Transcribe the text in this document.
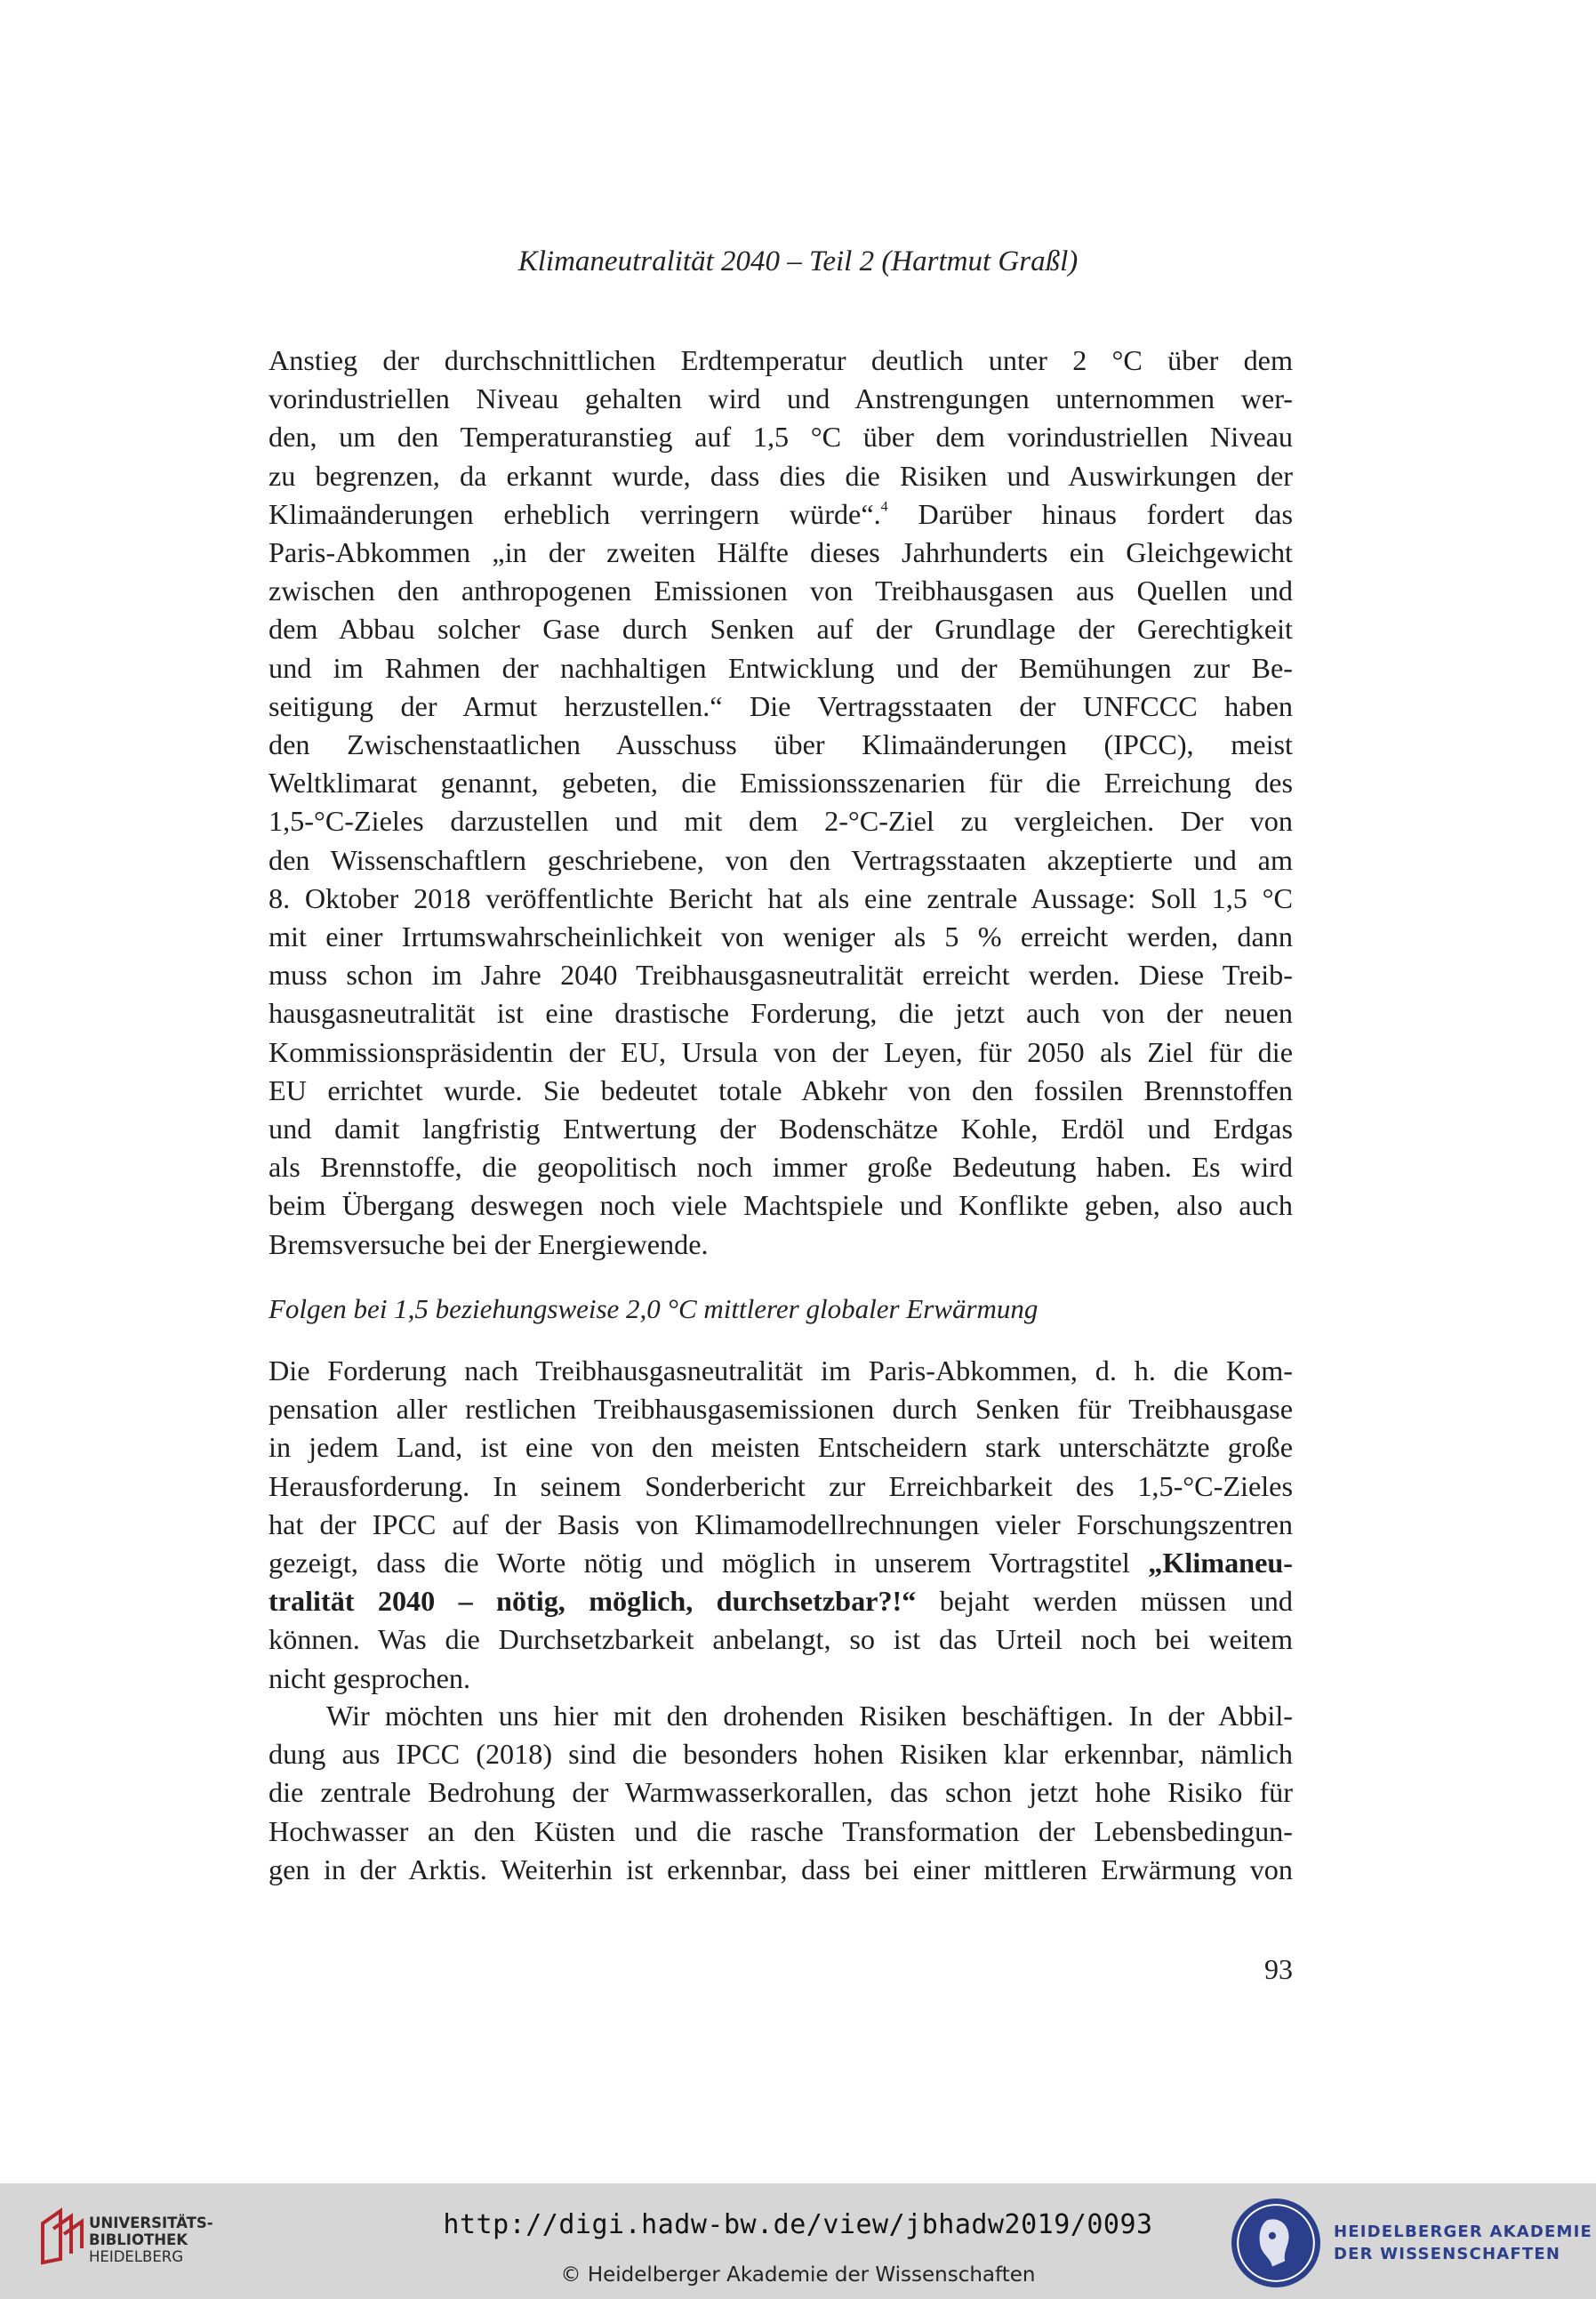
Klimaneutralität 2040 – Teil 2 (Hartmut Graßl)
Anstieg der durchschnittlichen Erdtemperatur deutlich unter 2 °C über dem
vorindustriellen Niveau gehalten wird und Anstrengungen unternommen wer-
den, um den Temperaturanstieg auf 1,5 °C über dem vorindustriellen Niveau
zu begrenzen, da erkannt wurde, dass dies die Risiken und Auswirkungen der
Klimaänderungen erheblich verringern würde“.$^4$ Darüber hinaus fordert das
Paris-Abkommen „in der zweiten Hälfte dieses Jahrhunderts ein Gleichgewicht
zwischen den anthropogenen Emissionen von Treibhausgasen aus Quellen und
dem Abbau solcher Gase durch Senken auf der Grundlage der Gerechtigkeit
und im Rahmen der nachhaltigen Entwicklung und der Bemühungen zur Be-
seitigung der Armut herzustellen.“ Die Vertragsstaaten der UNFCCC haben
den Zwischenstaatlichen Ausschuss über Klimaänderungen (IPCC), meist
Weltklimarat genannt, gebeten, die Emissionsszenarien für die Erreichung des
1,5-°C-Zieles darzustellen und mit dem 2-°C-Ziel zu vergleichen. Der von
den Wissenschaftlern geschriebene, von den Vertragsstaaten akzeptierte und am
8. Oktober 2018 veröffentlichte Bericht hat als eine zentrale Aussage: Soll 1,5 °C
mit einer Irrtumswahrscheinlichkeit von weniger als 5 % erreicht werden, dann
muss schon im Jahre 2040 Treibhausgasneutralität erreicht werden. Diese Treib-
hausgasneutralität ist eine drastische Forderung, die jetzt auch von der neuen
Kommissionspräsidentin der EU, Ursula von der Leyen, für 2050 als Ziel für die
EU errichtet wurde. Sie bedeutet totale Abkehr von den fossilen Brennstoffen
und damit langfristig Entwertung der Bodenschätze Kohle, Erdöl und Erdgas
als Brennstoffe, die geopolitisch noch immer große Bedeutung haben. Es wird
beim Übergang deswegen noch viele Machtspiele und Konflikte geben, also auch
Bremsversuche bei der Energiewende.
Folgen bei 1,5 beziehungsweise 2,0 °C mittlerer globaler Erwärmung
Die Forderung nach Treibhausgasneutralität im Paris-Abkommen, d. h. die Kom-
pensation aller restlichen Treibhausgasemissionen durch Senken für Treibhausgase
in jedem Land, ist eine von den meisten Entscheidern stark unterschätzte große
Herausforderung. In seinem Sonderbericht zur Erreichbarkeit des 1,5-°C-Zieles
hat der IPCC auf der Basis von Klimamodellrechnungen vieler Forschungszentren
gezeigt, dass die Worte nötig und möglich in unserem Vortragstitel „Klimaneu-
tralität 2040 – nötig, möglich, durchsetzbar?!“ bejaht werden müssen und
können. Was die Durchsetzbarkeit anbelangt, so ist das Urteil noch bei weitem
nicht gesprochen.
Wir möchten uns hier mit den drohenden Risiken beschäftigen. In der Abbil-
dung aus IPCC (2018) sind die besonders hohen Risiken klar erkennbar, nämlich
die zentrale Bedrohung der Warmwasserkorallen, das schon jetzt hohe Risiko für
Hochwasser an den Küsten und die rasche Transformation der Lebensbedingun-
gen in der Arktis. Weiterhin ist erkennbar, dass bei einer mittleren Erwärmung von
93
UNIVERSITÄTS-
BIBLIOTHEK
HEIDELBERG
http://digi.hadw-bw.de/view/jbhadw2019/0093
© Heidelberger Akademie der Wissenschaften
HEIDELBERGER AKADEMIE
DER WISSENSCHAFTEN
